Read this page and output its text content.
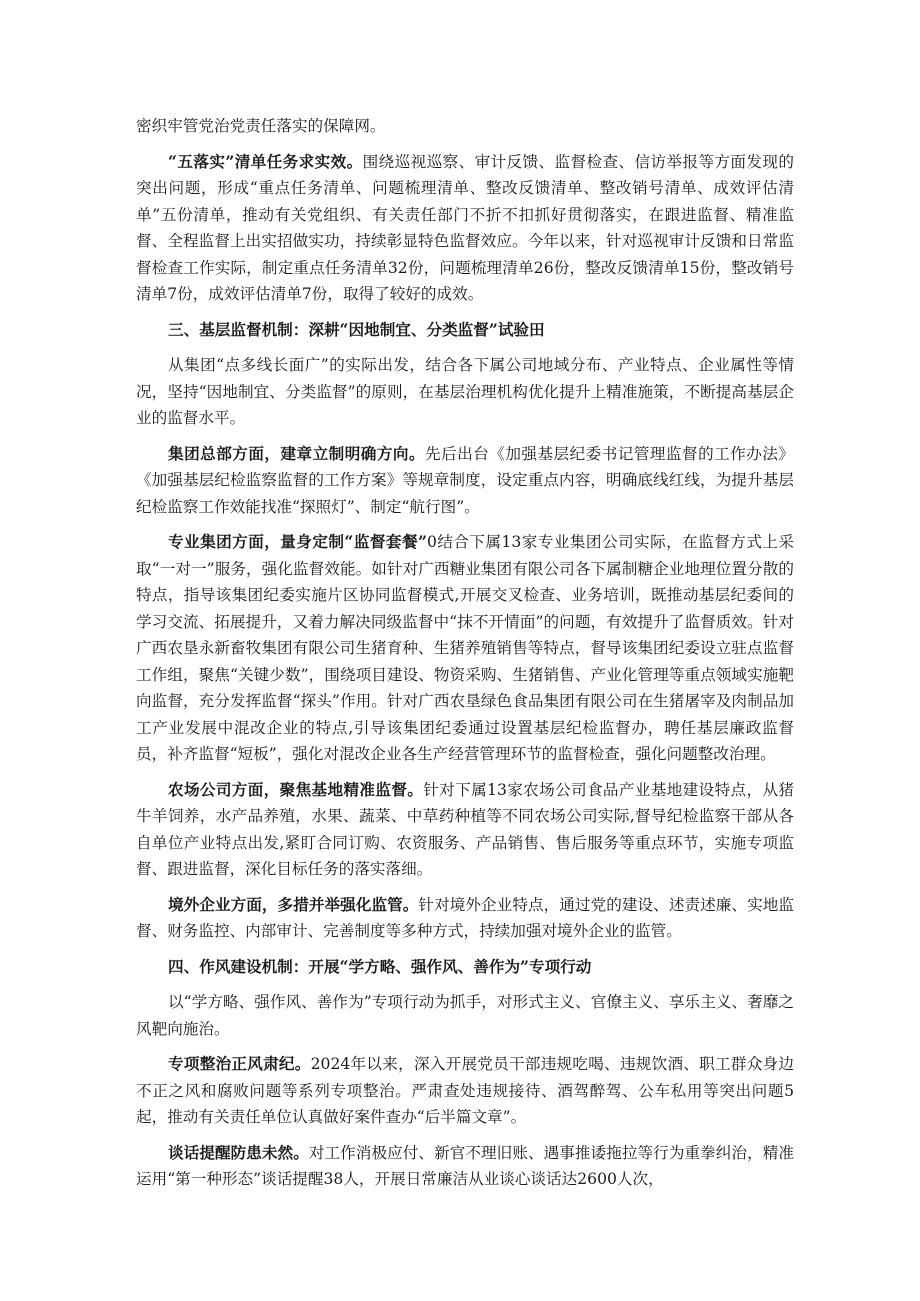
密织牢管党治党责任落实的保障网。

“五落实”清单任务求实效。围绕巡视巡察、审计反馈、监督检查、信访举报等方面发现的突出问题，形成“重点任务清单、问题梳理清单、整改反馈清单、整改销号清单、成效评估清单”五份清单，推动有关党组织、有关责任部门不折不扣抓好贯彻落实，在跟进监督、精准监督、全程监督上出实招做实功，持续彰显特色监督效应。今年以来，针对巡视审计反馈和日常监督检查工作实际，制定重点任务清单32份，问题梳理清单26份，整改反馈清单15份，整改销号清单7份，成效评估清单7份，取得了较好的成效。

三、基层监督机制：深耕“因地制宜、分类监督”试验田

从集团“点多线长面广”的实际出发，结合各下属公司地域分布、产业特点、企业属性等情况，坚持“因地制宜、分类监督”的原则，在基层治理机构优化提升上精准施策，不断提高基层企业的监督水平。

集团总部方面，建章立制明确方向。先后出台《加强基层纪委书记管理监督的工作办法》《加强基层纪检监察监督的工作方案》等规章制度，设定重点内容，明确底线红线，为提升基层纪检监察工作效能找准“探照灯”、制定“航行图”。

专业集团方面，量身定制“监督套餐”0结合下属13家专业集团公司实际，在监督方式上采取“一对一”服务，强化监督效能。如针对广西糖业集团有限公司各下属制糖企业地理位置分散的特点，指导该集团纪委实施片区协同监督模式,开展交叉检查、业务培训，既推动基层纪委间的学习交流、拓展提升，又着力解决同级监督中“抹不开情面”的问题，有效提升了监督质效。针对广西农垦永新畜牧集团有限公司生猪育种、生猪养殖销售等特点，督导该集团纪委设立驻点监督工作组，聚焦“关键少数”，围绕项目建设、物资采购、生猪销售、产业化管理等重点领域实施靶向监督，充分发挥监督“探头”作用。针对广西农垦绿色食品集团有限公司在生猪屠宰及肉制品加工产业发展中混改企业的特点,引导该集团纪委通过设置基层纪检监督办，聘任基层廉政监督员，补齐监督“短板”，强化对混改企业各生产经营管理环节的监督检查，强化问题整改治理。

农场公司方面，聚焦基地精准监督。针对下属13家农场公司食品产业基地建设特点，从猪牛羊饲养，水产品养殖，水果、蔬菜、中草药种植等不同农场公司实际,督导纪检监察干部从各自单位产业特点出发,紧盯合同订购、农资服务、产品销售、售后服务等重点环节，实施专项监督、跟进监督，深化目标任务的落实落细。

境外企业方面，多措并举强化监管。针对境外企业特点，通过党的建设、述责述廉、实地监督、财务监控、内部审计、完善制度等多种方式，持续加强对境外企业的监管。

四、作风建设机制：开展“学方略、强作风、善作为”专项行动

以“学方略、强作风、善作为”专项行动为抓手，对形式主义、官僚主义、享乐主义、奢靡之风靶向施治。

专项整治正风肃纪。2024年以来，深入开展党员干部违规吃喝、违规饮酒、职工群众身边不正之风和腐败问题等系列专项整治。严肃查处违规接待、酒驾醉驾、公车私用等突出问题5起，推动有关责任单位认真做好案件查办“后半篇文章”。

谈话提醒防患未然。对工作消极应付、新官不理旧账、遇事推诿拖拉等行为重拳纠治，精准运用“第一种形态”谈话提醒38人，开展日常廉洁从业谈心谈话达2600人次，
